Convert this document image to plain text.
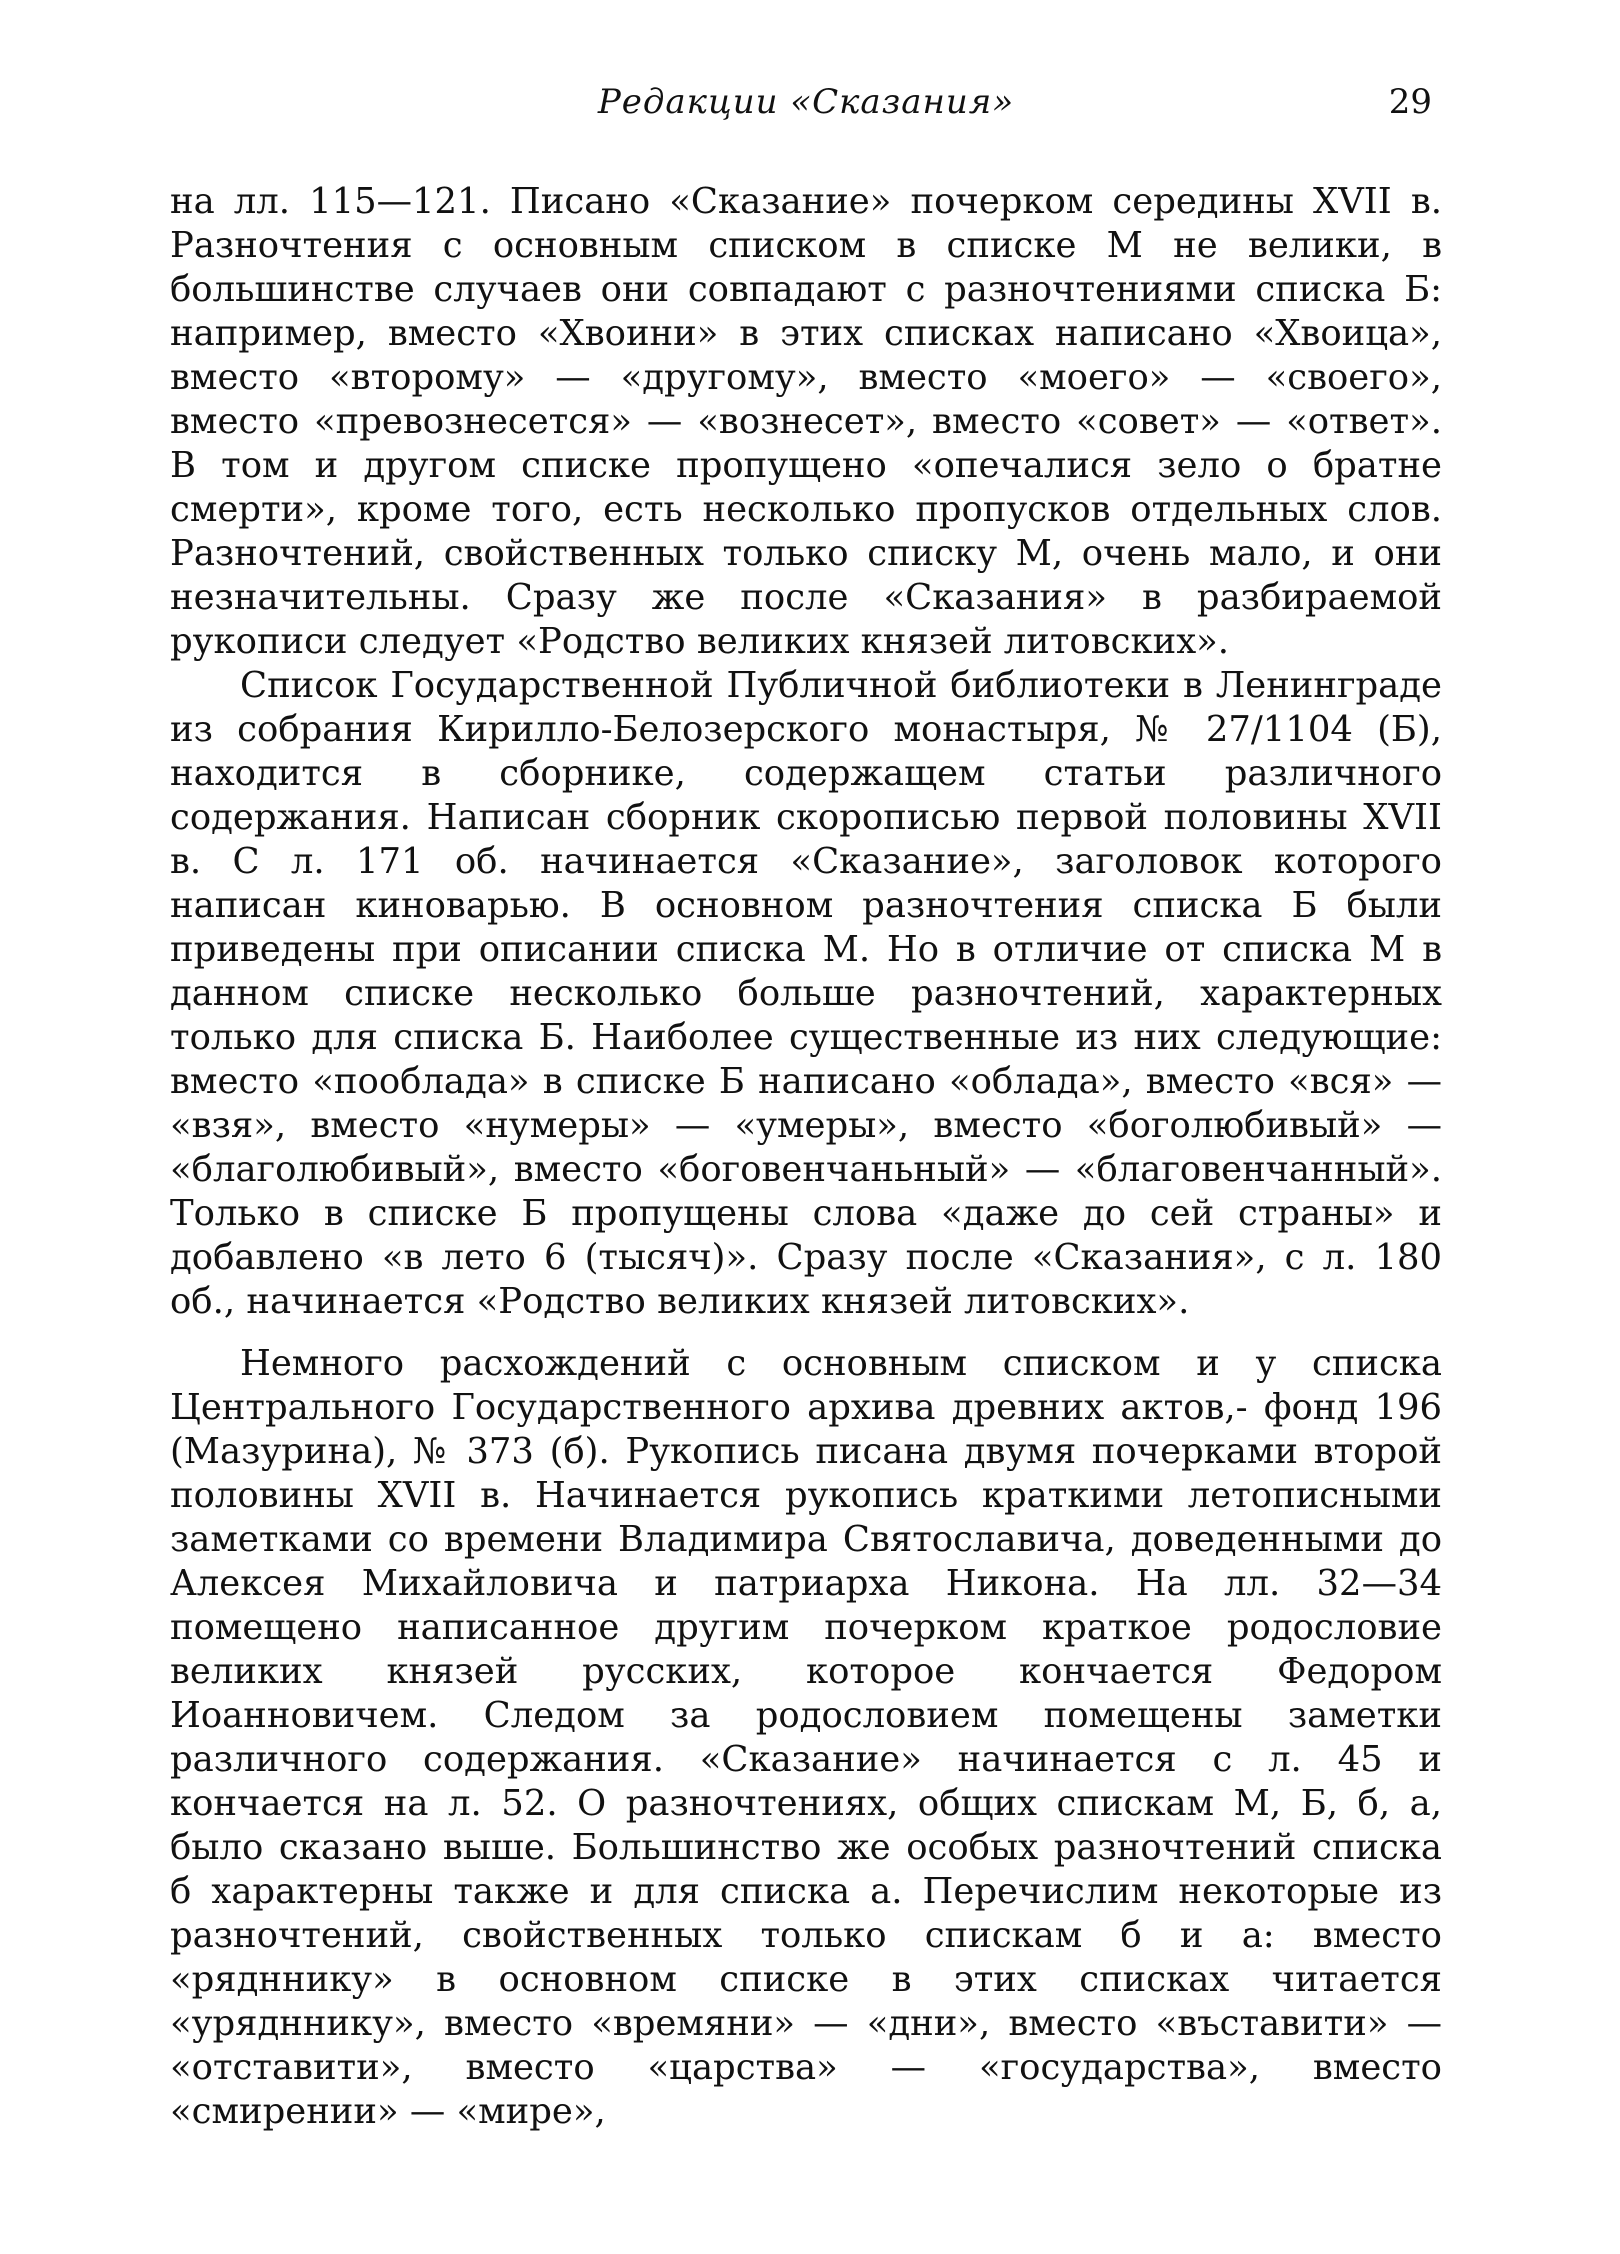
Редакции «Сказания»	29

на лл. 115—121. Писано «Сказание» почерком середины XVII в. Разночтения с основным списком в списке М не велики, в большинстве случаев они совпадают с разночтениями списка Б: например, вместо «Хвоини» в этих списках написано «Хвоица», вместо «второму» — «другому», вместо «моего» — «своего», вместо «превознесется» — «вознесет», вместо «совет» — «ответ». В том и другом списке пропущено «опечалися зело о братне смерти», кроме того, есть несколько пропусков отдельных слов. Разночтений, свойственных только списку М, очень мало, и они незначительны. Сразу же после «Сказания» в разбираемой рукописи следует «Родство великих князей литовских».

Список Государственной Публичной библиотеки в Ленинграде из собрания Кирилло-Белозерского монастыря, № 27/1104 (Б), находится в сборнике, содержащем статьи различного содержания. Написан сборник скорописью первой половины XVII в. С л. 171 об. начинается «Сказание», заголовок которого написан киноварью. В основном разночтения списка Б были приведены при описании списка М. Но в отличие от списка М в данном списке несколько больше разночтений, характерных только для списка Б. Наиболее существенные из них следующие: вместо «пооблада» в списке Б написано «облада», вместо «вся» — «взя», вместо «нумеры» — «умеры», вместо «боголюбивый» — «благолюбивый», вместо «боговенчаньный» — «благовенчанный». Только в списке Б пропущены слова «даже до сей страны» и добавлено «в лето 6 (тысяч)». Сразу после «Сказания», с л. 180 об., начинается «Родство великих князей литовских».

Немного расхождений с основным списком и у списка Центрального Государственного архива древних актов,- фонд 196 (Мазурина), № 373 (б). Рукопись писана двумя почерками второй половины XVII в. Начинается рукопись краткими летописными заметками со времени Владимира Святославича, доведенными до Алексея Михайловича и патриарха Никона. На лл. 32—34 помещено написанное другим почерком краткое родословие великих князей русских, которое кончается Федором Иоанновичем. Следом за родословием помещены заметки различного содержания. «Сказание» начинается с л. 45 и кончается на л. 52. О разночтениях, общих спискам М, Б, б, а, было сказано выше. Большинство же особых разночтений списка б характерны также и для списка а. Перечислим некоторые из разночтений, свойственных только спискам б и а: вместо «рядннику» в основном списке в этих списках читается «урядннику», вместо «времяни» — «дни», вместо «въставити» — «отставити», вместо «царства» — «государства», вместо «смирении» — «мире»,
